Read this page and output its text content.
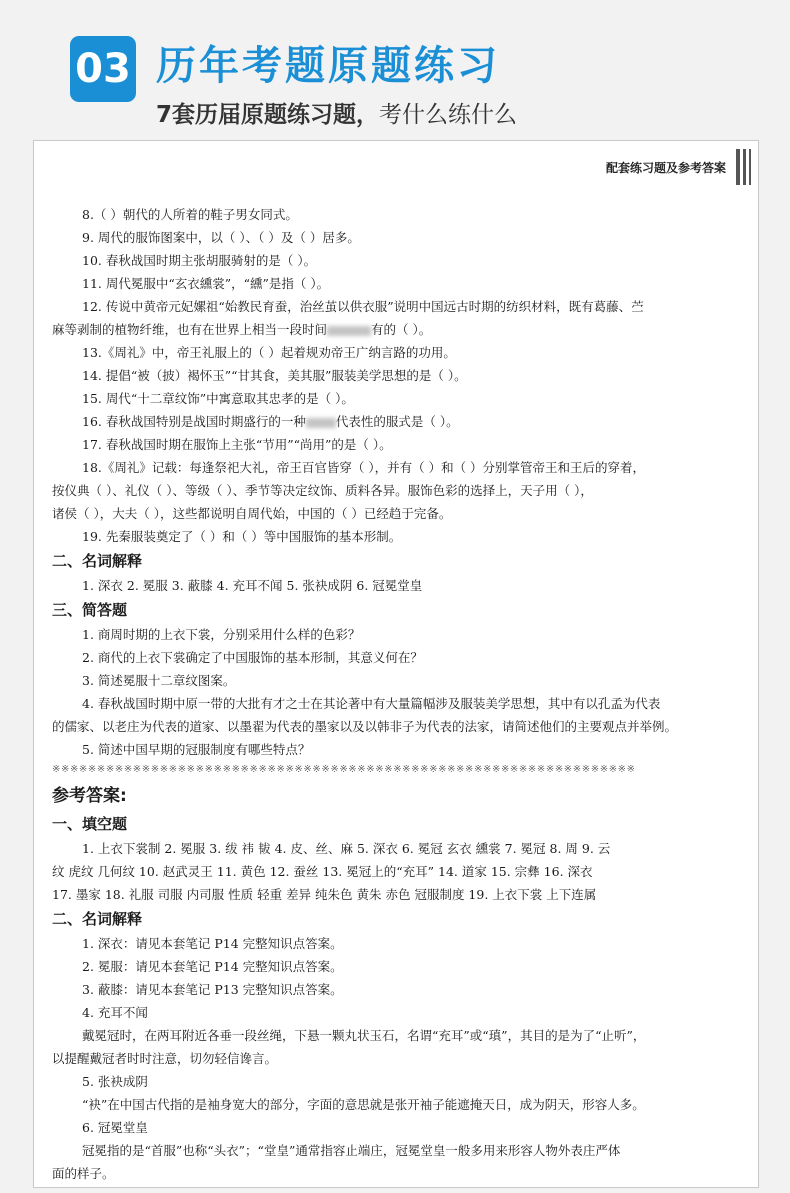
03 历年考题原题练习
7套历届原题练习题，考什么练什么
配套练习题及参考答案
8.（ ）朝代的人所着的鞋子男女同式。
9. 周代的服饰图案中，以（ ）、（ ）及（ ）居多。
10. 春秋战国时期主张胡服骑射的是（ ）。
11. 周代冕服中“玄衣纁裳”，“纁”是指（ ）。
12. 传说中黄帝元妃嫘祖“始教民育蚕，治丝茧以供衣服”说明中国远古时期的纺织材料，既有葛藤、苎
麻等剥制的植物纤维，也有在世界上相当一段时间	有的（ ）。
13.《周礼》中，帝王礼服上的（ ）起着规劝帝王广纳言路的功用。
14. 提倡“被（披）褐怀玉”“甘其食，美其服”服装美学思想的是（ ）。
15. 周代“十二章纹饰”中寓意取其忠孝的是（ ）。
16. 春秋战国特别是战国时期盛行的一种 代表性的服式是（ ）。
17. 春秋战国时期在服饰上主张“节用”“尚用”的是（ ）。
18.《周礼》记载：每逢祭祀大礼，帝王百官皆穿（ ），并有（ ）和（ ）分别掌管帝王和王后的穿着，
按仪典（ ）、礼仪（ ）、等级（ ）、季节等决定纹饰、质料各异。服饰色彩的选择上，天子用（ ），
诸侯（ ），大夫（ ），这些都说明自周代始，中国的（ ）已经趋于完备。
19. 先秦服装奠定了（ ）和（ ）等中国服饰的基本形制。
二、名词解释
1. 深衣 2. 冕服 3. 蔽膝 4. 充耳不闻 5. 张袂成阴 6. 冠冕堂皇
三、简答题
1. 商周时期的上衣下裳，分别采用什么样的色彩？
2. 商代的上衣下裳确定了中国服饰的基本形制，其意义何在？
3. 简述冕服十二章纹图案。
4. 春秋战国时期中原一带的大批有才之士在其论著中有大量篇幅涉及服装美学思想，其中有以孔孟为代表
的儒家、以老庄为代表的道家、以墨翟为代表的墨家以及以韩非子为代表的法家，请简述他们的主要观点并举例。
5. 简述中国早期的冠服制度有哪些特点？
※※※※※※※※※※※※※※※※※※※※※※※※※※※※※※※※※※※※※※※※※※※※※※※※※※※※※※※※※※※※※※※※※
参考答案:
一、填空题
1. 上衣下裳制 2. 冕服 3. 绂 祎 韨 4. 皮、丝、麻 5. 深衣 6. 冕冠 玄衣 纁裳 7. 冕冠 8. 周 9. 云
纹 虎纹 几何纹 10. 赵武灵王 11. 黄色 12. 蚕丝 13. 冕冠上的“充耳” 14. 道家 15. 宗彝 16. 深衣
17. 墨家 18. 礼服 司服 内司服 性质 轻重 差异 纯朱色 黄朱 赤色 冠服制度 19. 上衣下裳 上下连属
二、名词解释
1. 深衣：请见本套笔记 P14 完整知识点答案。
2. 冕服：请见本套笔记 P14 完整知识点答案。
3. 蔽膝：请见本套笔记 P13 完整知识点答案。
4. 充耳不闻
戴冕冠时，在两耳附近各垂一段丝绳，下悬一颗丸状玉石，名谓“充耳”或“瑱”，其目的是为了“止听”，
以提醒戴冠者时时注意，切勿轻信谗言。
5. 张袂成阴
“袂”在中国古代指的是袖身宽大的部分，字面的意思就是张开袖子能遮掩天日，成为阴天，形容人多。
6. 冠冕堂皇
冠冕指的是“首服”也称“头衣”；“堂皇”通常指容止端庄，冠冕堂皇一般多用来形容人物外表庄严体
面的样子。
